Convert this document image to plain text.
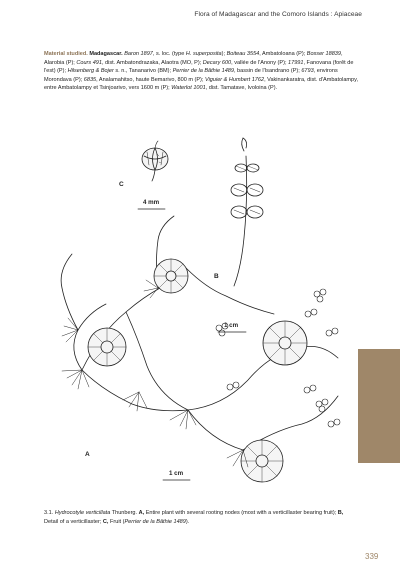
Flora of Madagascar and the Comoro Islands : Apiaceae
Material studied. Madagascar. Baron 1897, s. loc. (type H. superposita); Boiteau 3554, Ambatoloana (P); Bosser 18839, Alarobia (P); Cours 491, dist. Ambatondrazaka, Alaotra (MO, P); Decary 600, vallée de l'Anony (P); 17991, Fanovana (forêt de l'est) (P); Hilsenberg & Bojer s. n., Tananarivo (BM); Perrier de la Bâthie 1489, bassin de l'Isandrano (P); 6793, environs Morondava (P); 6835, Analamahitso, haute Bemarivo, 800 m (P); Viguier & Humbert 1762, Vakinankaratra, dist. d'Ambatolampy, entre Ambatolampy et Tsinjoarivo, vers 1600 m (P); Waterlot 1001, dist. Tamatave, Ivoloina (P).
C
B
A
4 mm
1 cm
1 cm
3.1. Hydrocotyle verticillata Thunberg. A, Entire plant with several rooting nodes (most with a verticillaster bearing fruit); B, Detail of a verticillaster; C, Fruit (Perrier de la Bâthie 1489).
339
